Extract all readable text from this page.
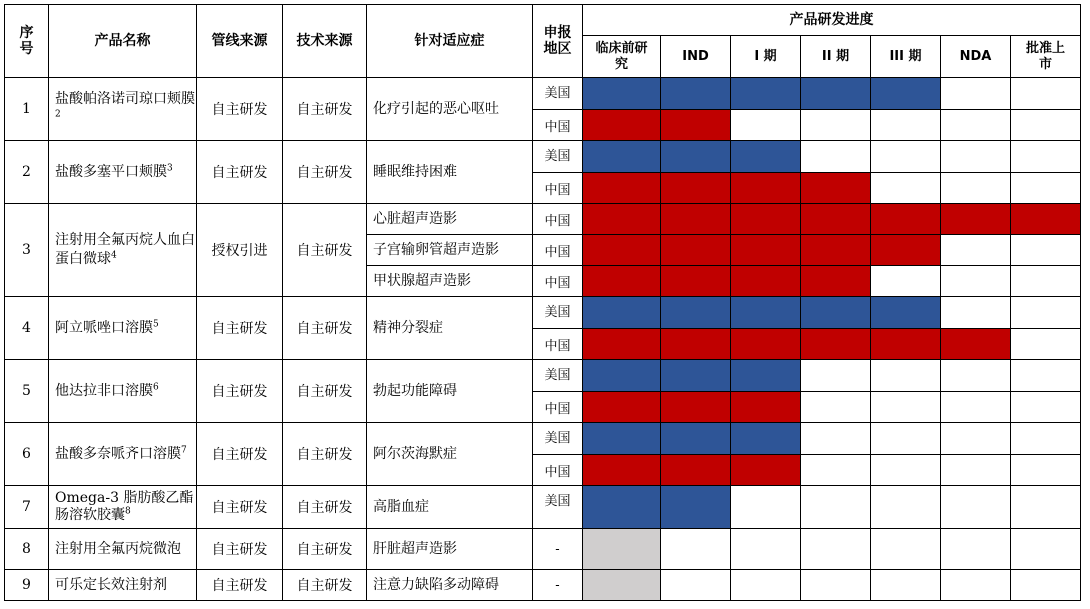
序号	产品名称	管线来源	技术来源	针对适应症	申报地区	产品研发进度						
						临床前研究	IND	I 期	II 期	III 期	NDA	批准上市
1	盐酸帕洛诺司琼口颊膜$^2$	自主研发	自主研发	化疗引起的恶心呕吐	美国							
					中国							
2	盐酸多塞平口颊膜$^3$	自主研发	自主研发	睡眠维持困难	美国							
					中国							
3	注射用全氟丙烷人血白蛋白微球$^4$	授权引进	自主研发	心脏超声造影	中国							
				子宫输卵管超声造影	中国							
				甲状腺超声造影	中国							
4	阿立哌唑口溶膜$^5$	自主研发	自主研发	精神分裂症	美国							
					中国							
5	他达拉非口溶膜$^6$	自主研发	自主研发	勃起功能障碍	美国							
					中国							
6	盐酸多奈哌齐口溶膜$^7$	自主研发	自主研发	阿尔茨海默症	美国							
					中国							
7	Omega-3 脂肪酸乙酯肠溶软胶囊$^8$	自主研发	自主研发	高脂血症	美国							
8	注射用全氟丙烷微泡	自主研发	自主研发	肝脏超声造影	-							
9	可乐定长效注射剂	自主研发	自主研发	注意力缺陷多动障碍	-							
